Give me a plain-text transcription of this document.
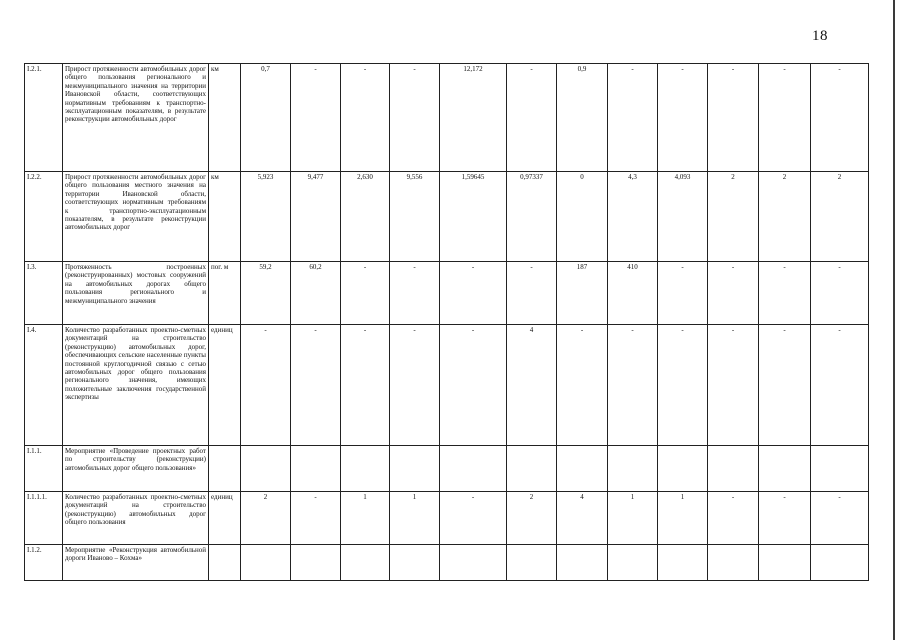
18
I.2.1.	Прирост протяженности автомобильных дорог общего пользования регионального и межмуниципального значения на территории Ивановской области, соответствующих нормативным требованиям к транспортно-эксплуатационным показателям, в результате реконструкции автомобильных дорог	км	0,7	-	-	-	12,172	-	0,9	-	-	-	-	-
I.2.2.	Прирост протяженности автомобильных дорог общего пользования местного значения на территории Ивановской области, соответствующих нормативным требованиям к транспортно-эксплуатационным показателям, в результате реконструкции автомобильных дорог	км	5,923	9,477	2,630	9,556	1,59645	0,97337	0	4,3	4,093	2	2	2
I.3.	Протяженность построенных (реконструированных) мостовых сооружений на автомобильных дорогах общего пользования регионального и межмуниципального значения	пог. м	59,2	60,2	-	-	-	-	187	410	-	-	-	-
I.4.	Количество разработанных проектно-сметных документаций на строительство (реконструкцию) автомобильных дорог, обеспечивающих сельские населенные пункты постоянной круглогодичной связью с сетью автомобильных дорог общего пользования регионального значения, имеющих положительные заключения государственной экспертизы	единиц	-	-	-	-	-	4	-	-	-	-	-	-
I.1.1.	Мероприятие «Проведение проектных работ по строительству (реконструкции) автомобильных дорог общего пользования»													
I.1.1.1.	Количество разработанных проектно-сметных документаций на строительство (реконструкцию) автомобильных дорог общего пользования	единиц	2	-	1	1	-	2	4	1	1	-	-	-
I.1.2.	Мероприятие «Реконструкция автомобильной дороги Иваново – Кохма»													
